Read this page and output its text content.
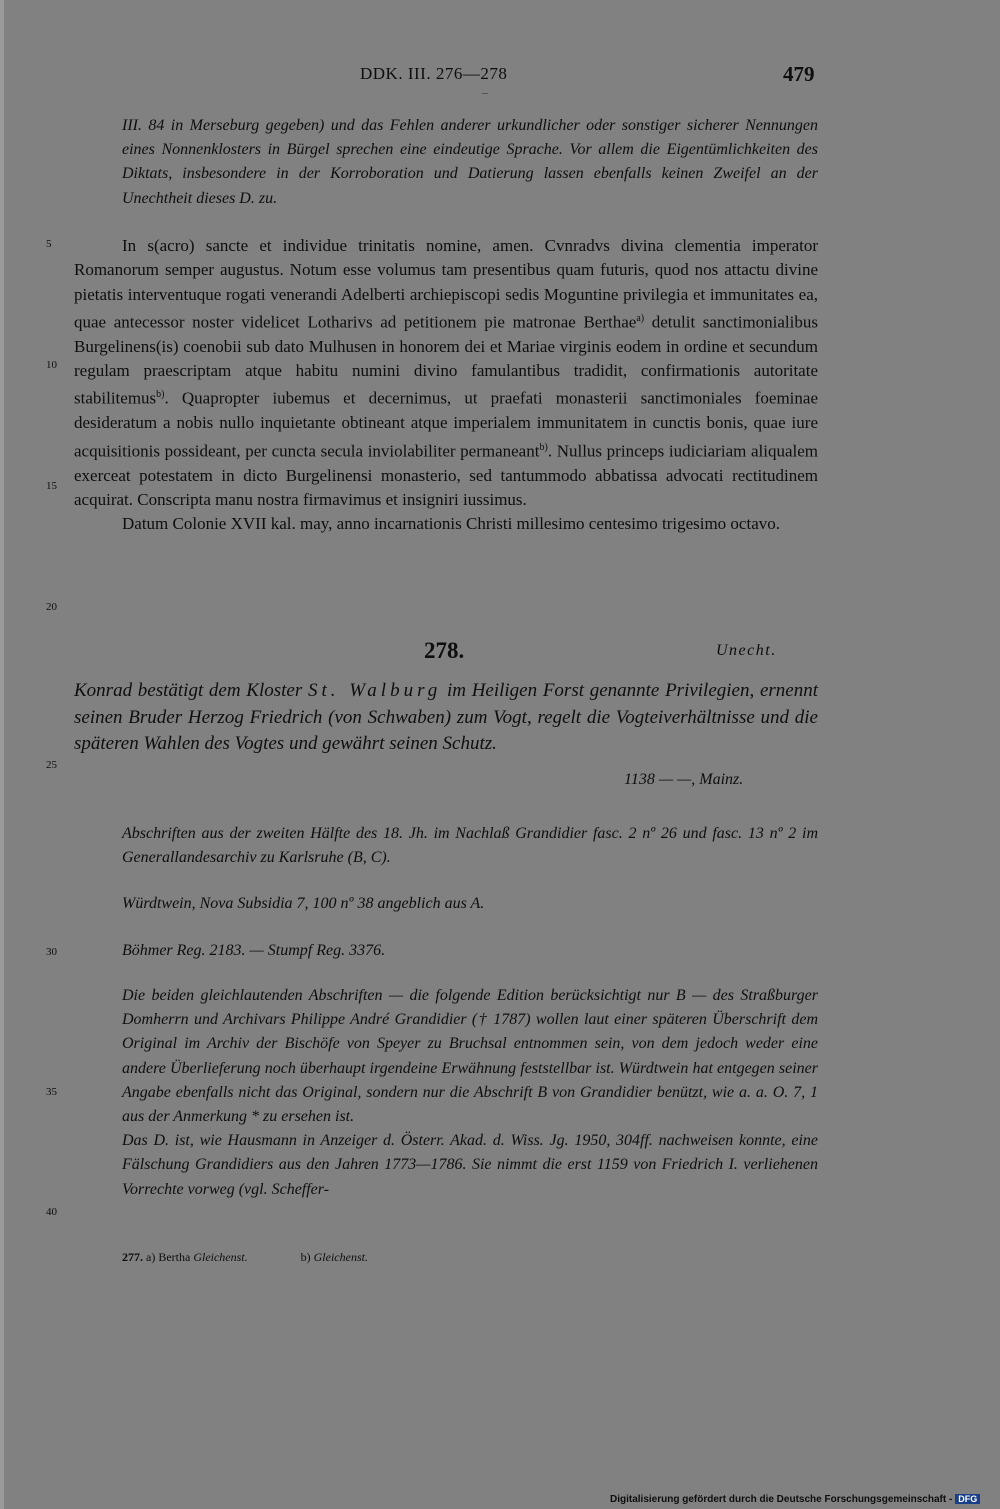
DDK. III. 276—278	479

III. 84 in Merseburg gegeben) und das Fehlen anderer urkundlicher oder sonstiger sicherer Nennungen eines Nonnenklosters in Bürgel sprechen eine eindeutige Sprache. Vor allem die Eigentümlichkeiten des Diktats, insbesondere in der Korroboration und Datierung lassen ebenfalls keinen Zweifel an der Unechtheit dieses D. zu.

In s(acro) sancte et individue trinitatis nomine, amen. Cvnradvs divina clementia imperator Romanorum semper augustus. Notum esse volumus tam presentibus quam futuris, quod nos attactu divine pietatis interventuque rogati venerandi Adelberti archiepiscopi sedis Moguntine privilegia et immunitates ea, quae antecessor noster videlicet Lotharivs ad petitionem pie matronae Berthae$^{a)}$ detulit sanctimonialibus Burgelinens(is) coenobii sub dato Mulhusen in honorem dei et Mariae virginis eodem in ordine et secundum regulam praescriptam atque habitu numini divino famulantibus tradidit, confirmationis autoritate stabilitemus$^{b)}$. Quapropter iubemus et decernimus, ut praefati monasterii sanctimoniales foeminae desideratum a nobis nullo inquietante obtineant atque imperialem immunitatem in cunctis bonis, quae iure acquisitionis possideant, per cuncta secula inviolabiliter permaneant$^{b)}$. Nullus princeps iudiciariam aliqualem exerceat potestatem in dicto Burgelinensi monasterio, sed tantummodo abbatissa advocati rectitudinem acquirat. Conscripta manu nostra firmavimus et insigniri iussimus.

Datum Colonie XVII kal. may, anno incarnationis Christi millesimo centesimo trigesimo octavo.

5
10
15
20
25
30
35
40
278.	Unecht.

Konrad bestätigt dem Kloster St. Walburg im Heiligen Forst genannte Privilegien, ernennt seinen Bruder Herzog Friedrich (von Schwaben) zum Vogt, regelt die Vogteiverhältnisse und die späteren Wahlen des Vogtes und gewährt seinen Schutz.

1138 — —, Mainz.

Abschriften aus der zweiten Hälfte des 18. Jh. im Nachlaß Grandidier fasc. 2 nº 26 und fasc. 13 nº 2 im Generallandesarchiv zu Karlsruhe (B, C).

Würdtwein, Nova Subsidia 7, 100 nº 38 angeblich aus A.

Böhmer Reg. 2183. — Stumpf Reg. 3376.

Die beiden gleichlautenden Abschriften — die folgende Edition berücksichtigt nur B — des Straßburger Domherrn und Archivars Philippe André Grandidier († 1787) wollen laut einer späteren Überschrift dem Original im Archiv der Bischöfe von Speyer zu Bruchsal entnommen sein, von dem jedoch weder eine andere Überlieferung noch überhaupt irgendeine Erwähnung feststellbar ist. Würdtwein hat entgegen seiner Angabe ebenfalls nicht das Original, sondern nur die Abschrift B von Grandidier benützt, wie a. a. O. 7, 1 aus der Anmerkung * zu ersehen ist.

Das D. ist, wie Hausmann in Anzeiger d. Österr. Akad. d. Wiss. Jg. 1950, 304ff. nachweisen konnte, eine Fälschung Grandidiers aus den Jahren 1773—1786. Sie nimmt die erst 1159 von Friedrich I. verliehenen Vorrechte vorweg (vgl. Scheffer-

277. a) Bertha Gleichenst.	b) Gleichenst.
Digitalisierung gefördert durch die Deutsche Forschungsgemeinschaft - DFG
